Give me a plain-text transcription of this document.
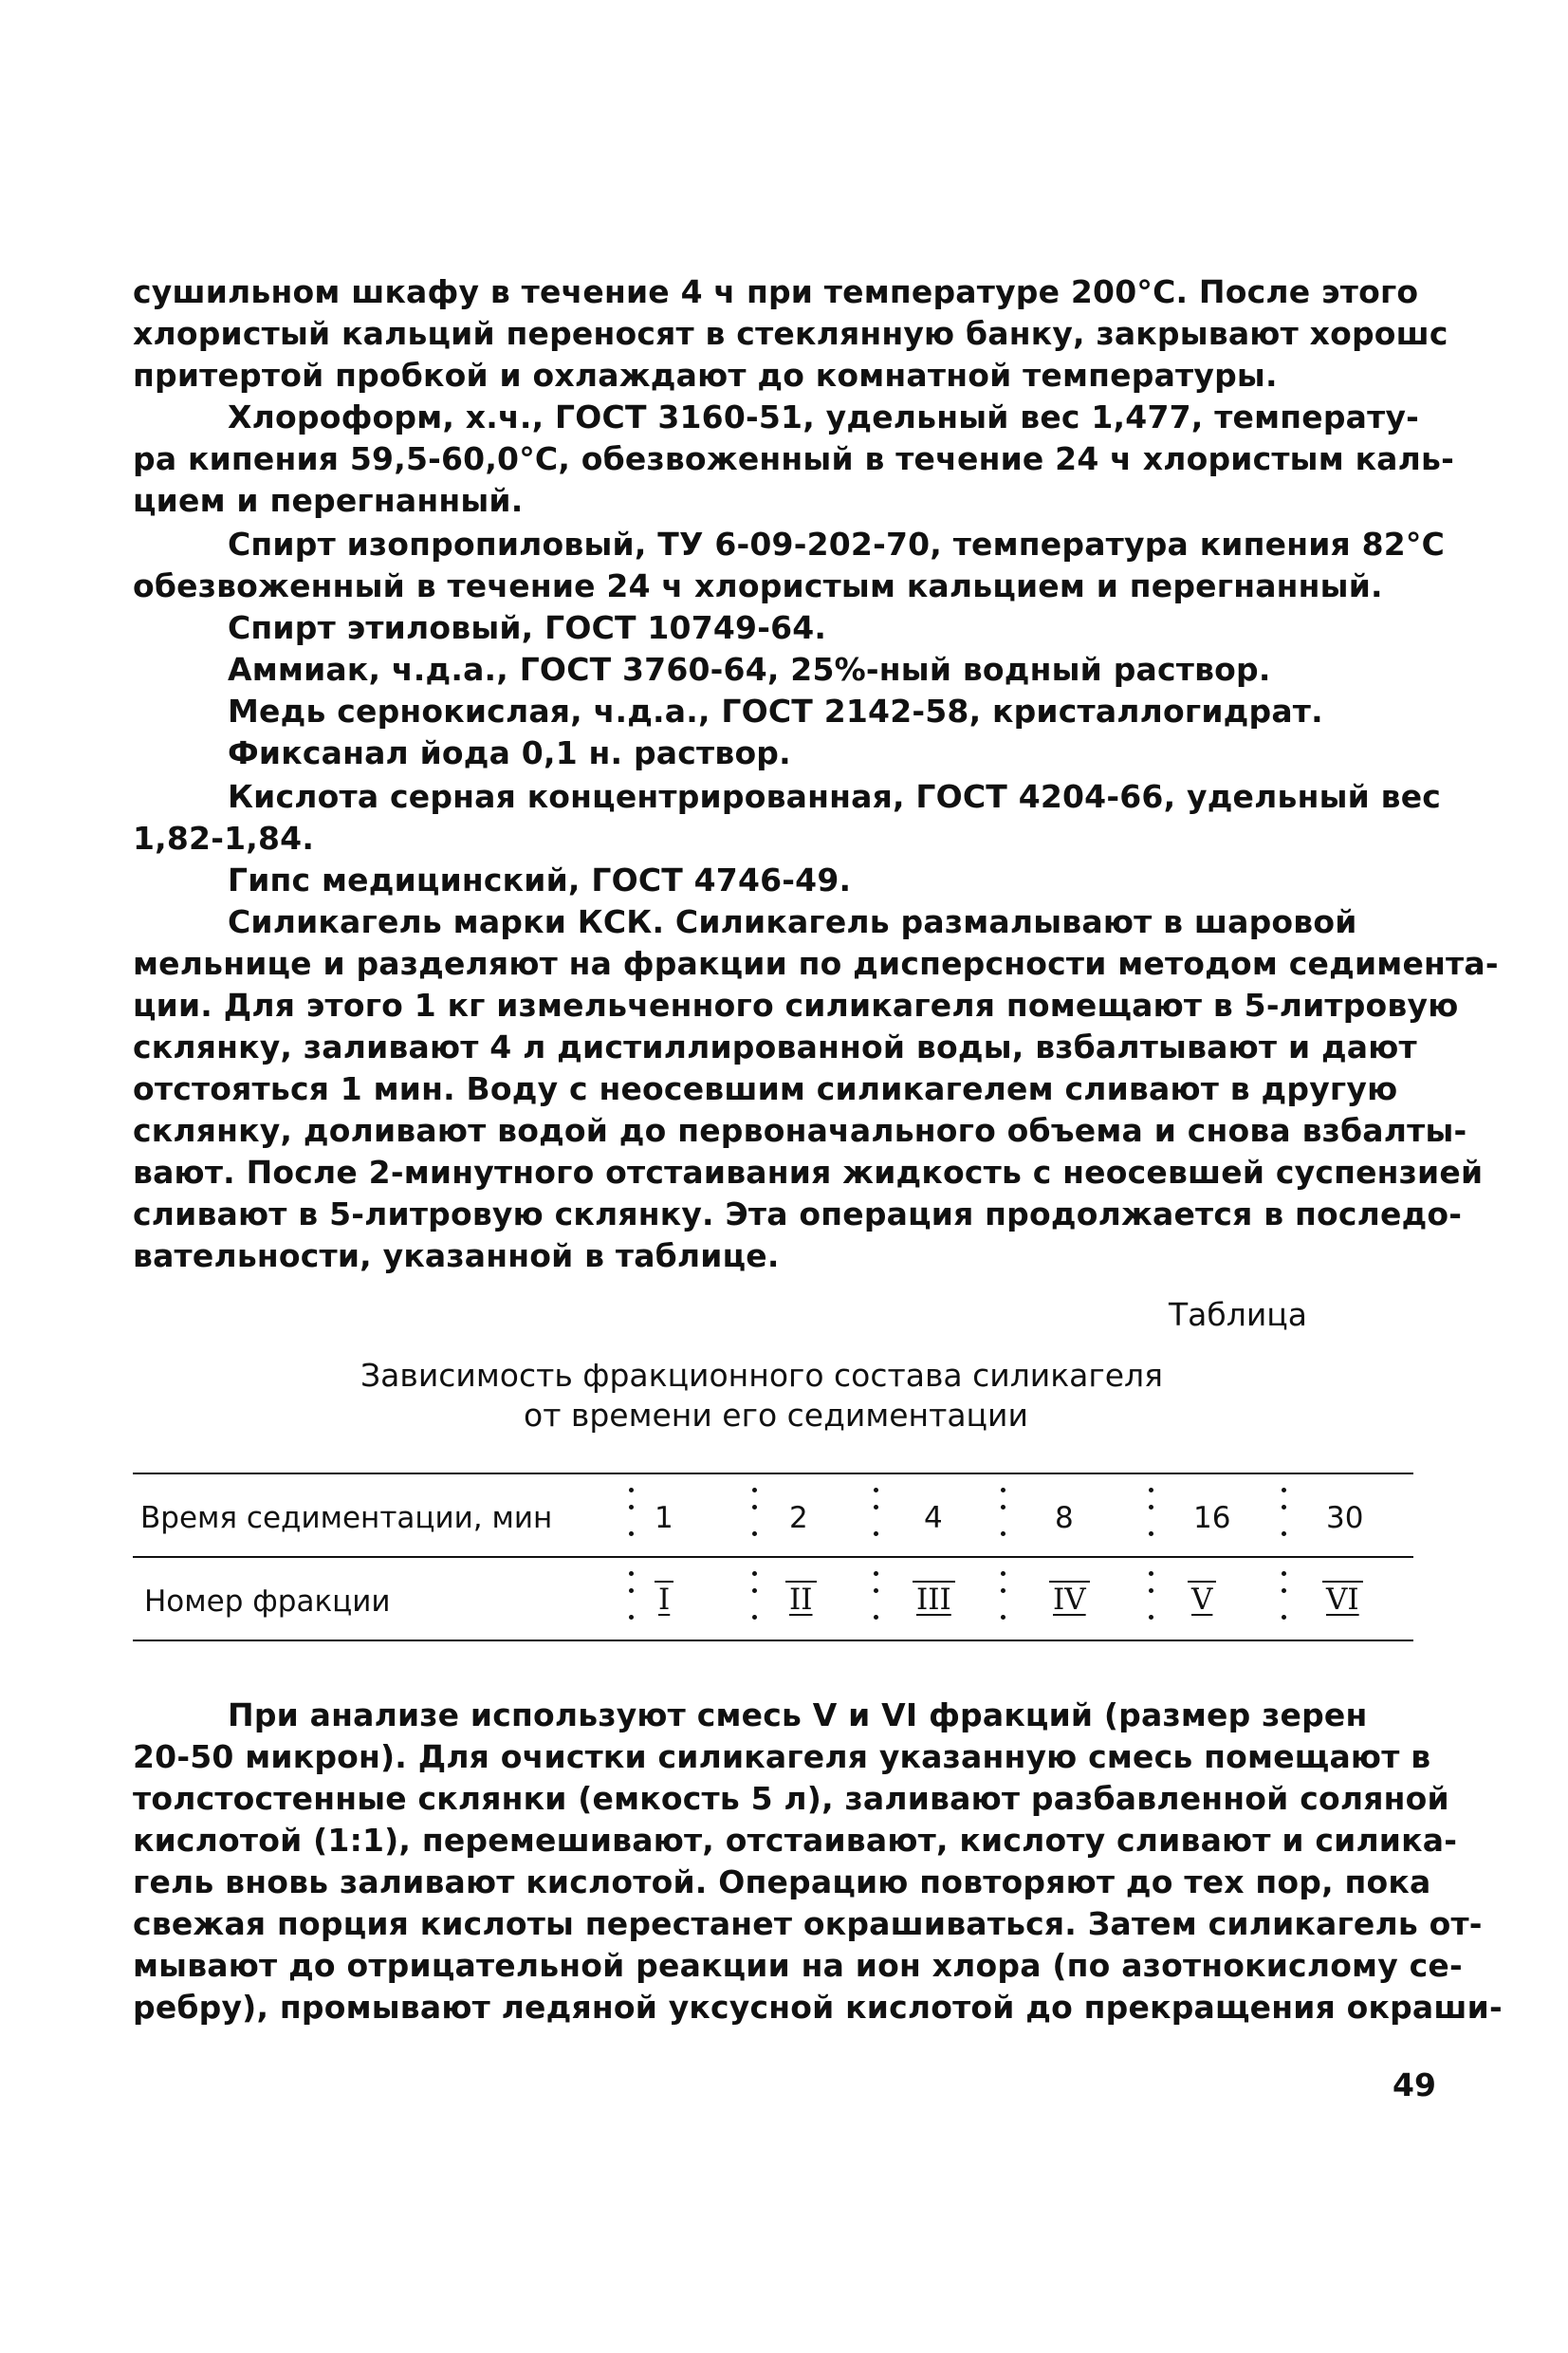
сушильном шкафу в течение 4 ч при температуре 200°С. После этого
хлористый кальций переносят в стеклянную банку, закрывают хорошс
притертой пробкой и охлаждают до комнатной температуры.
Хлороформ, х.ч., ГОСТ 3160-51, удельный вес 1,477, температу-
ра кипения 59,5-60,0°С, обезвоженный в течение 24 ч хлористым каль-
цием и перегнанный.
Спирт изопропиловый, ТУ 6-09-202-70, температура кипения 82°С
обезвоженный в течение 24 ч хлористым кальцием и перегнанный.
Спирт этиловый, ГОСТ 10749-64.
Аммиак, ч.д.а., ГОСТ 3760-64, 25%-ный водный раствор.
Медь сернокислая, ч.д.а., ГОСТ 2142-58, кристаллогидрат.
Фиксанал йода 0,1 н. раствор.
Кислота серная концентрированная, ГОСТ 4204-66, удельный вес
1,82-1,84.
Гипс медицинский, ГОСТ 4746-49.
Силикагель марки КСК. Силикагель размалывают в шаровой
мельнице и разделяют на фракции по дисперсности методом седимента-
ции. Для этого 1 кг измельченного силикагеля помещают в 5-литровую
склянку, заливают 4 л дистиллированной воды, взбалтывают и дают
отстояться 1 мин. Воду с неосевшим силикагелем сливают в другую
склянку, доливают водой до первоначального объема и снова взбалты-
вают. После 2-минутного отстаивания жидкость с неосевшей суспензией
сливают в 5-литровую склянку. Эта операция продолжается в последо-
вательности, указанной в таблице.
Таблица
Зависимость фракционного состава силикагеля
от времени его седиментации
Время седиментации, мин	1	2	4	8	16	30
Номер фракции	I	II	III	IV	V	VI
При анализе используют смесь V и VI фракций (размер зерен
20-50 микрон). Для очистки силикагеля указанную смесь помещают в
толстостенные склянки (емкость 5 л), заливают разбавленной соляной
кислотой (1:1), перемешивают, отстаивают, кислоту сливают и силика-
гель вновь заливают кислотой. Операцию повторяют до тех пор, пока
свежая порция кислоты перестанет окрашиваться. Затем силикагель от-
мывают до отрицательной реакции на ион хлора (по азотнокислому се-
ребру), промывают ледяной уксусной кислотой до прекращения окраши-
49
